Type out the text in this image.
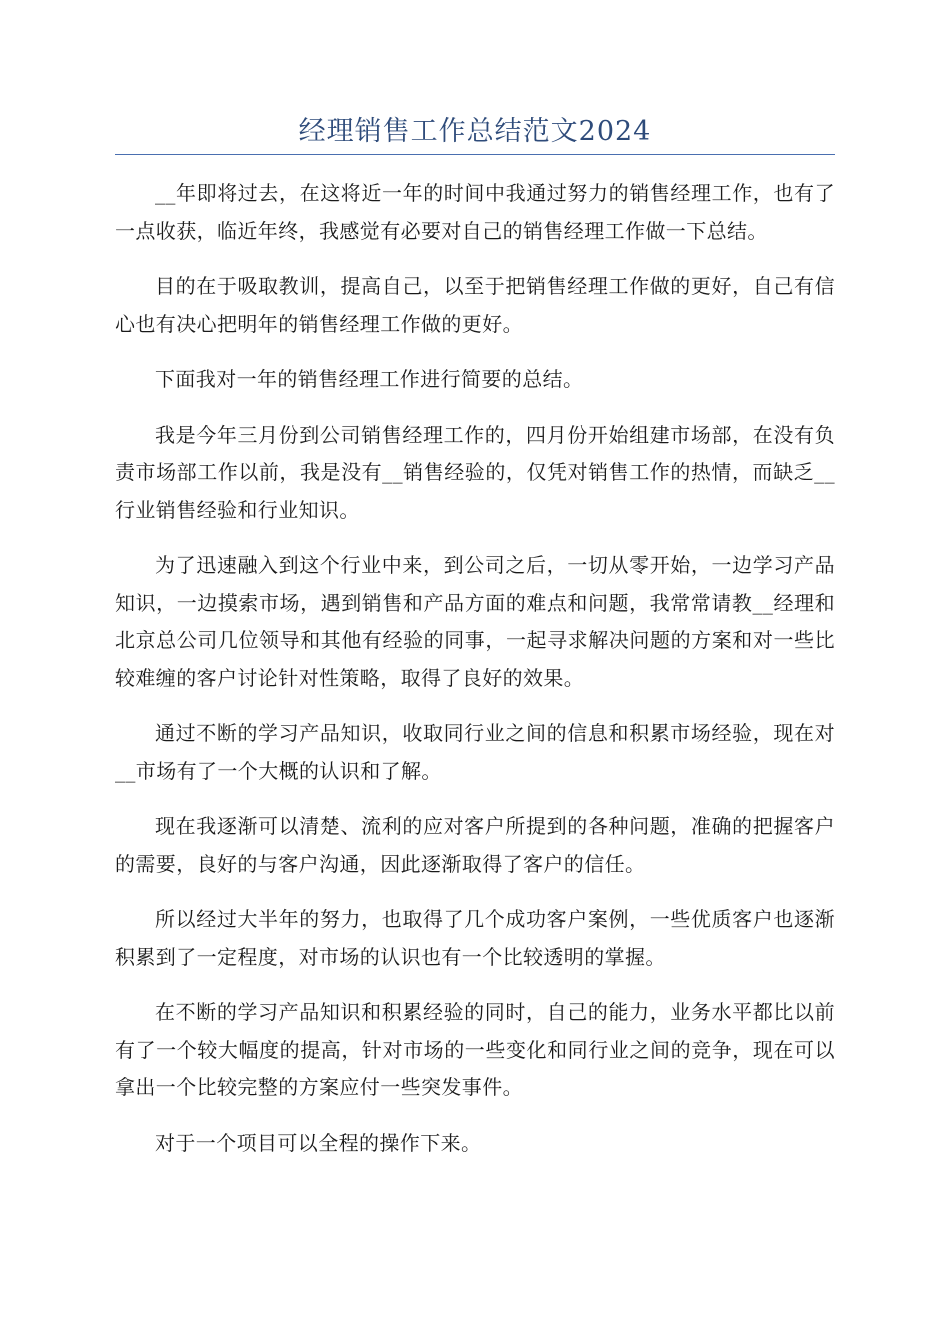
经理销售工作总结范文2024

__年即将过去，在这将近一年的时间中我通过努力的销售经理工作，也有了一点收获，临近年终，我感觉有必要对自己的销售经理工作做一下总结。

目的在于吸取教训，提高自己，以至于把销售经理工作做的更好，自己有信心也有决心把明年的销售经理工作做的更好。

下面我对一年的销售经理工作进行简要的总结。

我是今年三月份到公司销售经理工作的，四月份开始组建市场部，在没有负责市场部工作以前，我是没有__销售经验的，仅凭对销售工作的热情，而缺乏__行业销售经验和行业知识。

为了迅速融入到这个行业中来，到公司之后，一切从零开始，一边学习产品知识，一边摸索市场，遇到销售和产品方面的难点和问题，我常常请教__经理和北京总公司几位领导和其他有经验的同事，一起寻求解决问题的方案和对一些比较难缠的客户讨论针对性策略，取得了良好的效果。

通过不断的学习产品知识，收取同行业之间的信息和积累市场经验，现在对__市场有了一个大概的认识和了解。

现在我逐渐可以清楚、流利的应对客户所提到的各种问题，准确的把握客户的需要，良好的与客户沟通，因此逐渐取得了客户的信任。

所以经过大半年的努力，也取得了几个成功客户案例，一些优质客户也逐渐积累到了一定程度，对市场的认识也有一个比较透明的掌握。

在不断的学习产品知识和积累经验的同时，自己的能力，业务水平都比以前有了一个较大幅度的提高，针对市场的一些变化和同行业之间的竞争，现在可以拿出一个比较完整的方案应付一些突发事件。

对于一个项目可以全程的操作下来。
